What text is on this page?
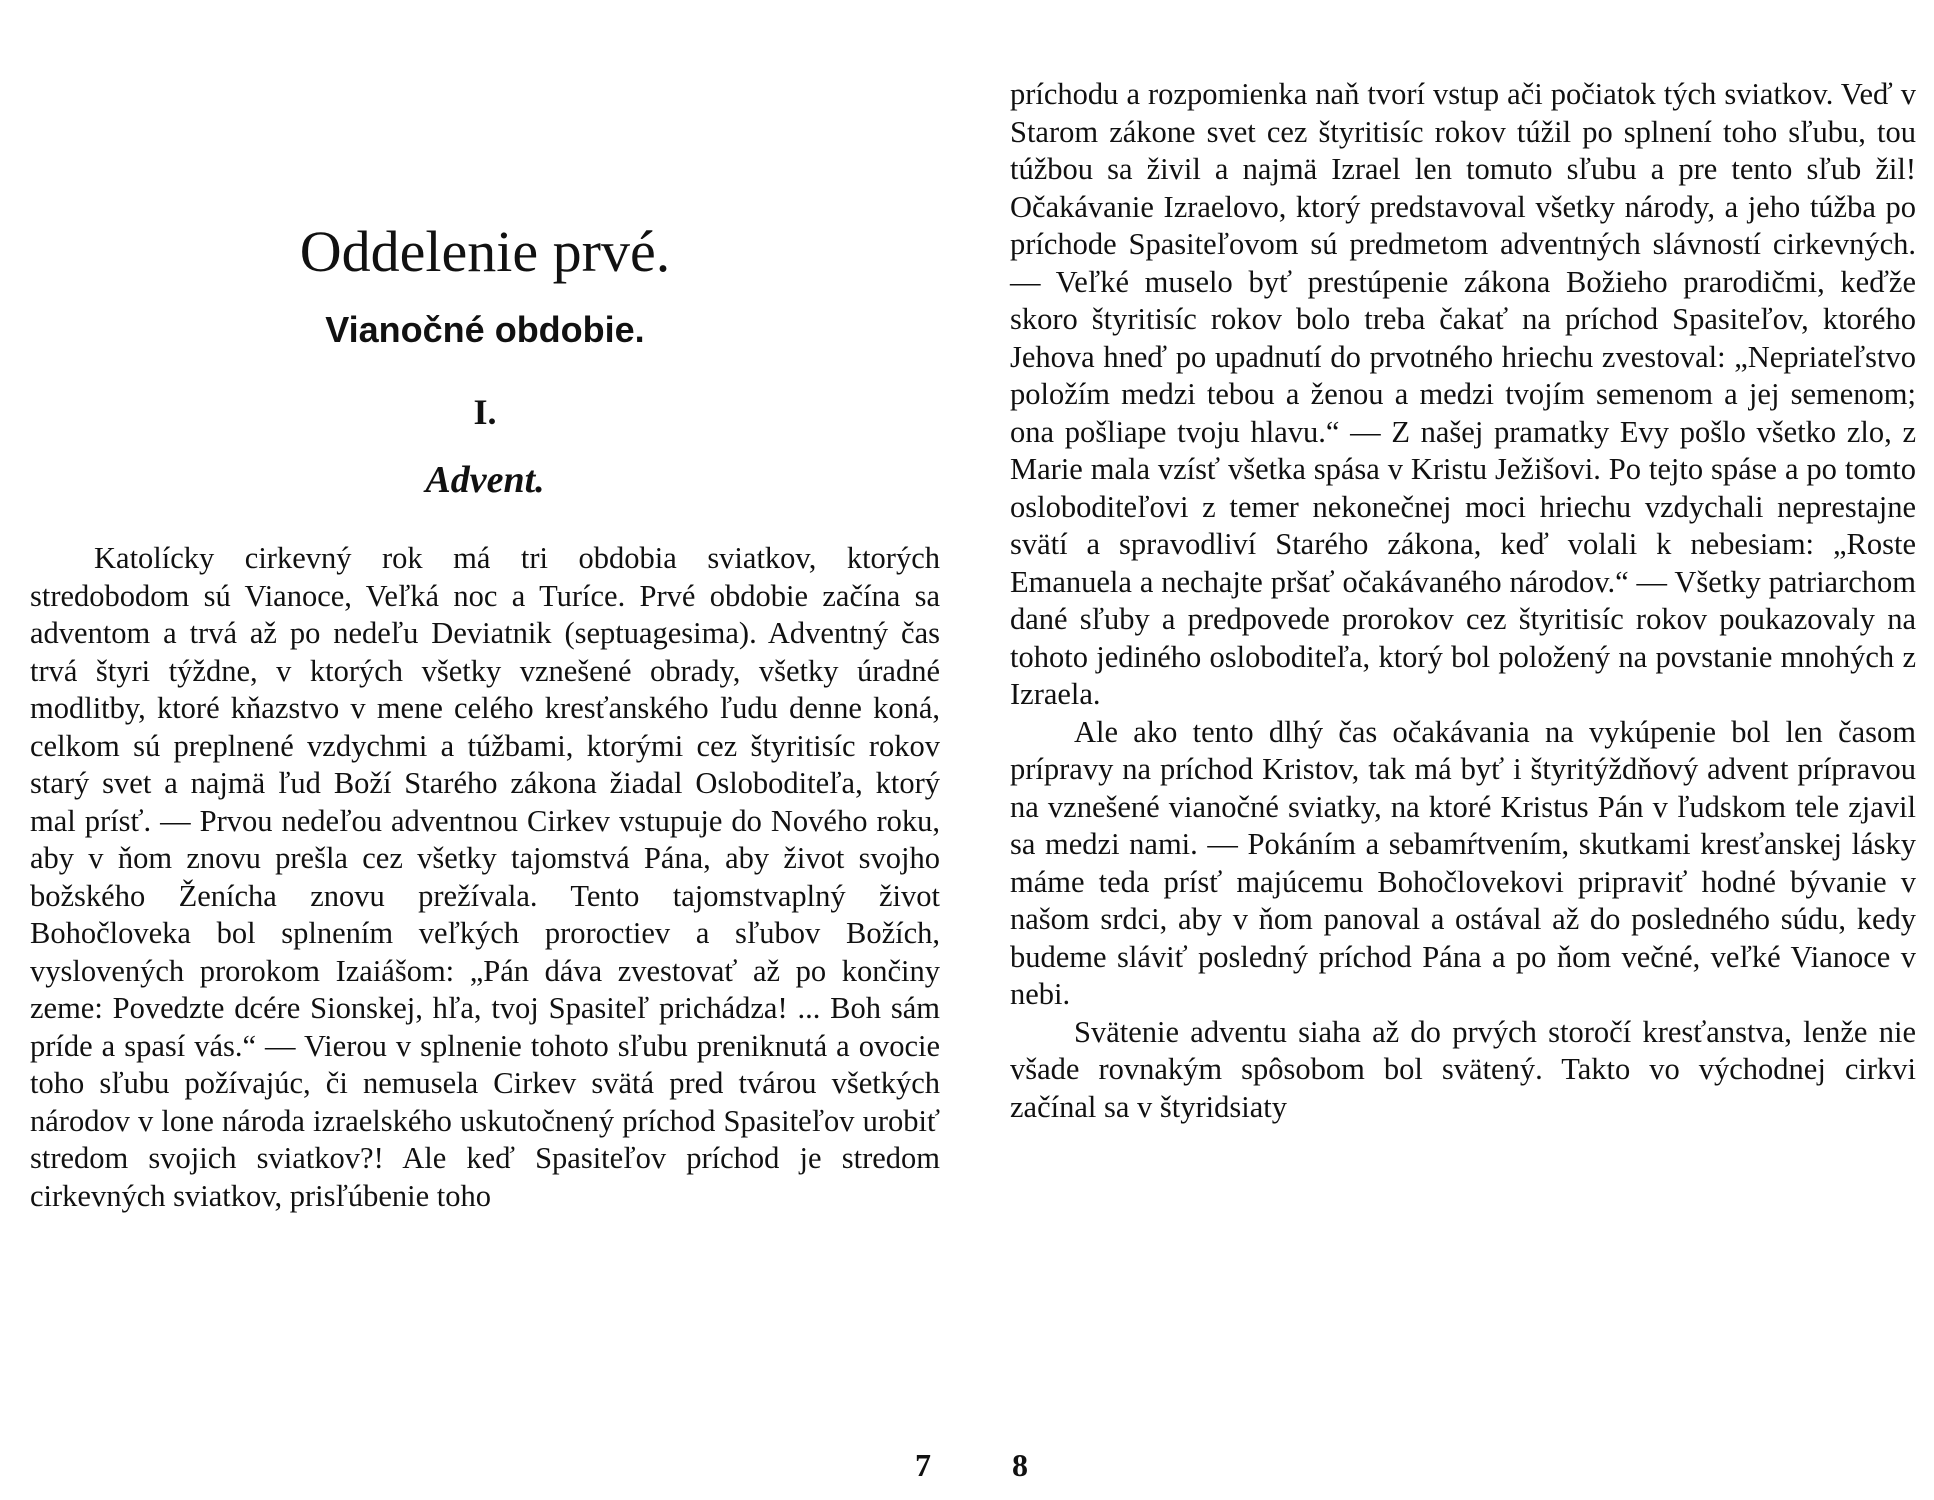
Oddelenie prvé.
Vianočné obdobie.
I.
Advent.

Katolícky cirkevný rok má tri obdobia sviatkov, ktorých stredobodom sú Vianoce, Veľká noc a Turíce. Prvé obdobie začína sa adventom a trvá až po nedeľu Deviatnik (septuagesima). Adventný čas trvá štyri týždne, v ktorých všetky vznešené obrady, všetky úradné modlitby, ktoré kňazstvo v mene celého kresťanského ľudu denne koná, celkom sú preplnené vzdychmi a túžbami, ktorými cez štyritisíc rokov starý svet a najmä ľud Boží Starého zákona žiadal Osloboditeľa, ktorý mal prísť. — Prvou nedeľou adventnou Cirkev vstupuje do Nového roku, aby v ňom znovu prešla cez všetky tajomstvá Pána, aby život svojho božského Ženícha znovu prežívala. Tento tajomstvaplný život Bohočloveka bol splnením veľkých proroctiev a sľubov Božích, vyslovených prorokom Izaiášom: „Pán dáva zvestovať až po končiny zeme: Povedzte dcére Sionskej, hľa, tvoj Spasiteľ prichádza! ... Boh sám príde a spasí vás.“ — Vierou v splnenie tohoto sľubu preniknutá a ovocie toho sľubu požívajúc, či nemusela Cirkev svätá pred tvárou všetkých národov v lone národa izraelského uskutočnený príchod Spasiteľov urobiť stredom svojich sviatkov?! Ale keď Spasiteľov príchod je stredom cirkevných sviatkov, prisľúbenie toho

príchodu a rozpomienka naň tvorí vstup ači počiatok tých sviatkov. Veď v Starom zákone svet cez štyritisíc rokov túžil po splnení toho sľubu, tou túžbou sa živil a najmä Izrael len tomuto sľubu a pre tento sľub žil! Očakávanie Izraelovo, ktorý predstavoval všetky národy, a jeho túžba po príchode Spasiteľovom sú predmetom adventných slávností cirkevných. — Veľké muselo byť prestúpenie zákona Božieho prarodičmi, keďže skoro štyritisíc rokov bolo treba čakať na príchod Spasiteľov, ktorého Jehova hneď po upadnutí do prvotného hriechu zvestoval: „Nepriateľstvo položím medzi tebou a ženou a medzi tvojím semenom a jej semenom; ona pošliape tvoju hlavu.“ — Z našej pramatky Evy pošlo všetko zlo, z Marie mala vzísť všetka spása v Kristu Ježišovi. Po tejto spáse a po tomto osloboditeľovi z temer nekonečnej moci hriechu vzdychali neprestajne svätí a spravodliví Starého zákona, keď volali k nebesiam: „Roste Emanuela a nechajte pršať očakávaného národov.“ — Všetky patriarchom dané sľuby a predpovede prorokov cez štyritisíc rokov poukazovaly na tohoto jediného osloboditeľa, ktorý bol položený na povstanie mnohých z Izraela.

Ale ako tento dlhý čas očakávania na vykúpenie bol len časom prípravy na príchod Kristov, tak má byť i štyritýždňový advent prípravou na vznešené vianočné sviatky, na ktoré Kristus Pán v ľudskom tele zjavil sa medzi nami. — Pokáním a sebamŕtvením, skutkami kresťanskej lásky máme teda prísť majúcemu Bohočlovekovi pripraviť hodné bývanie v našom srdci, aby v ňom panoval a ostával až do posledného súdu, kedy budeme sláviť posledný príchod Pána a po ňom večné, veľké Vianoce v nebi.

Svätenie adventu siaha až do prvých storočí kresťanstva, lenže nie všade rovnakým spôsobom bol svätený. Takto vo východnej cirkvi začínal sa v štyridsiaty

7	8
